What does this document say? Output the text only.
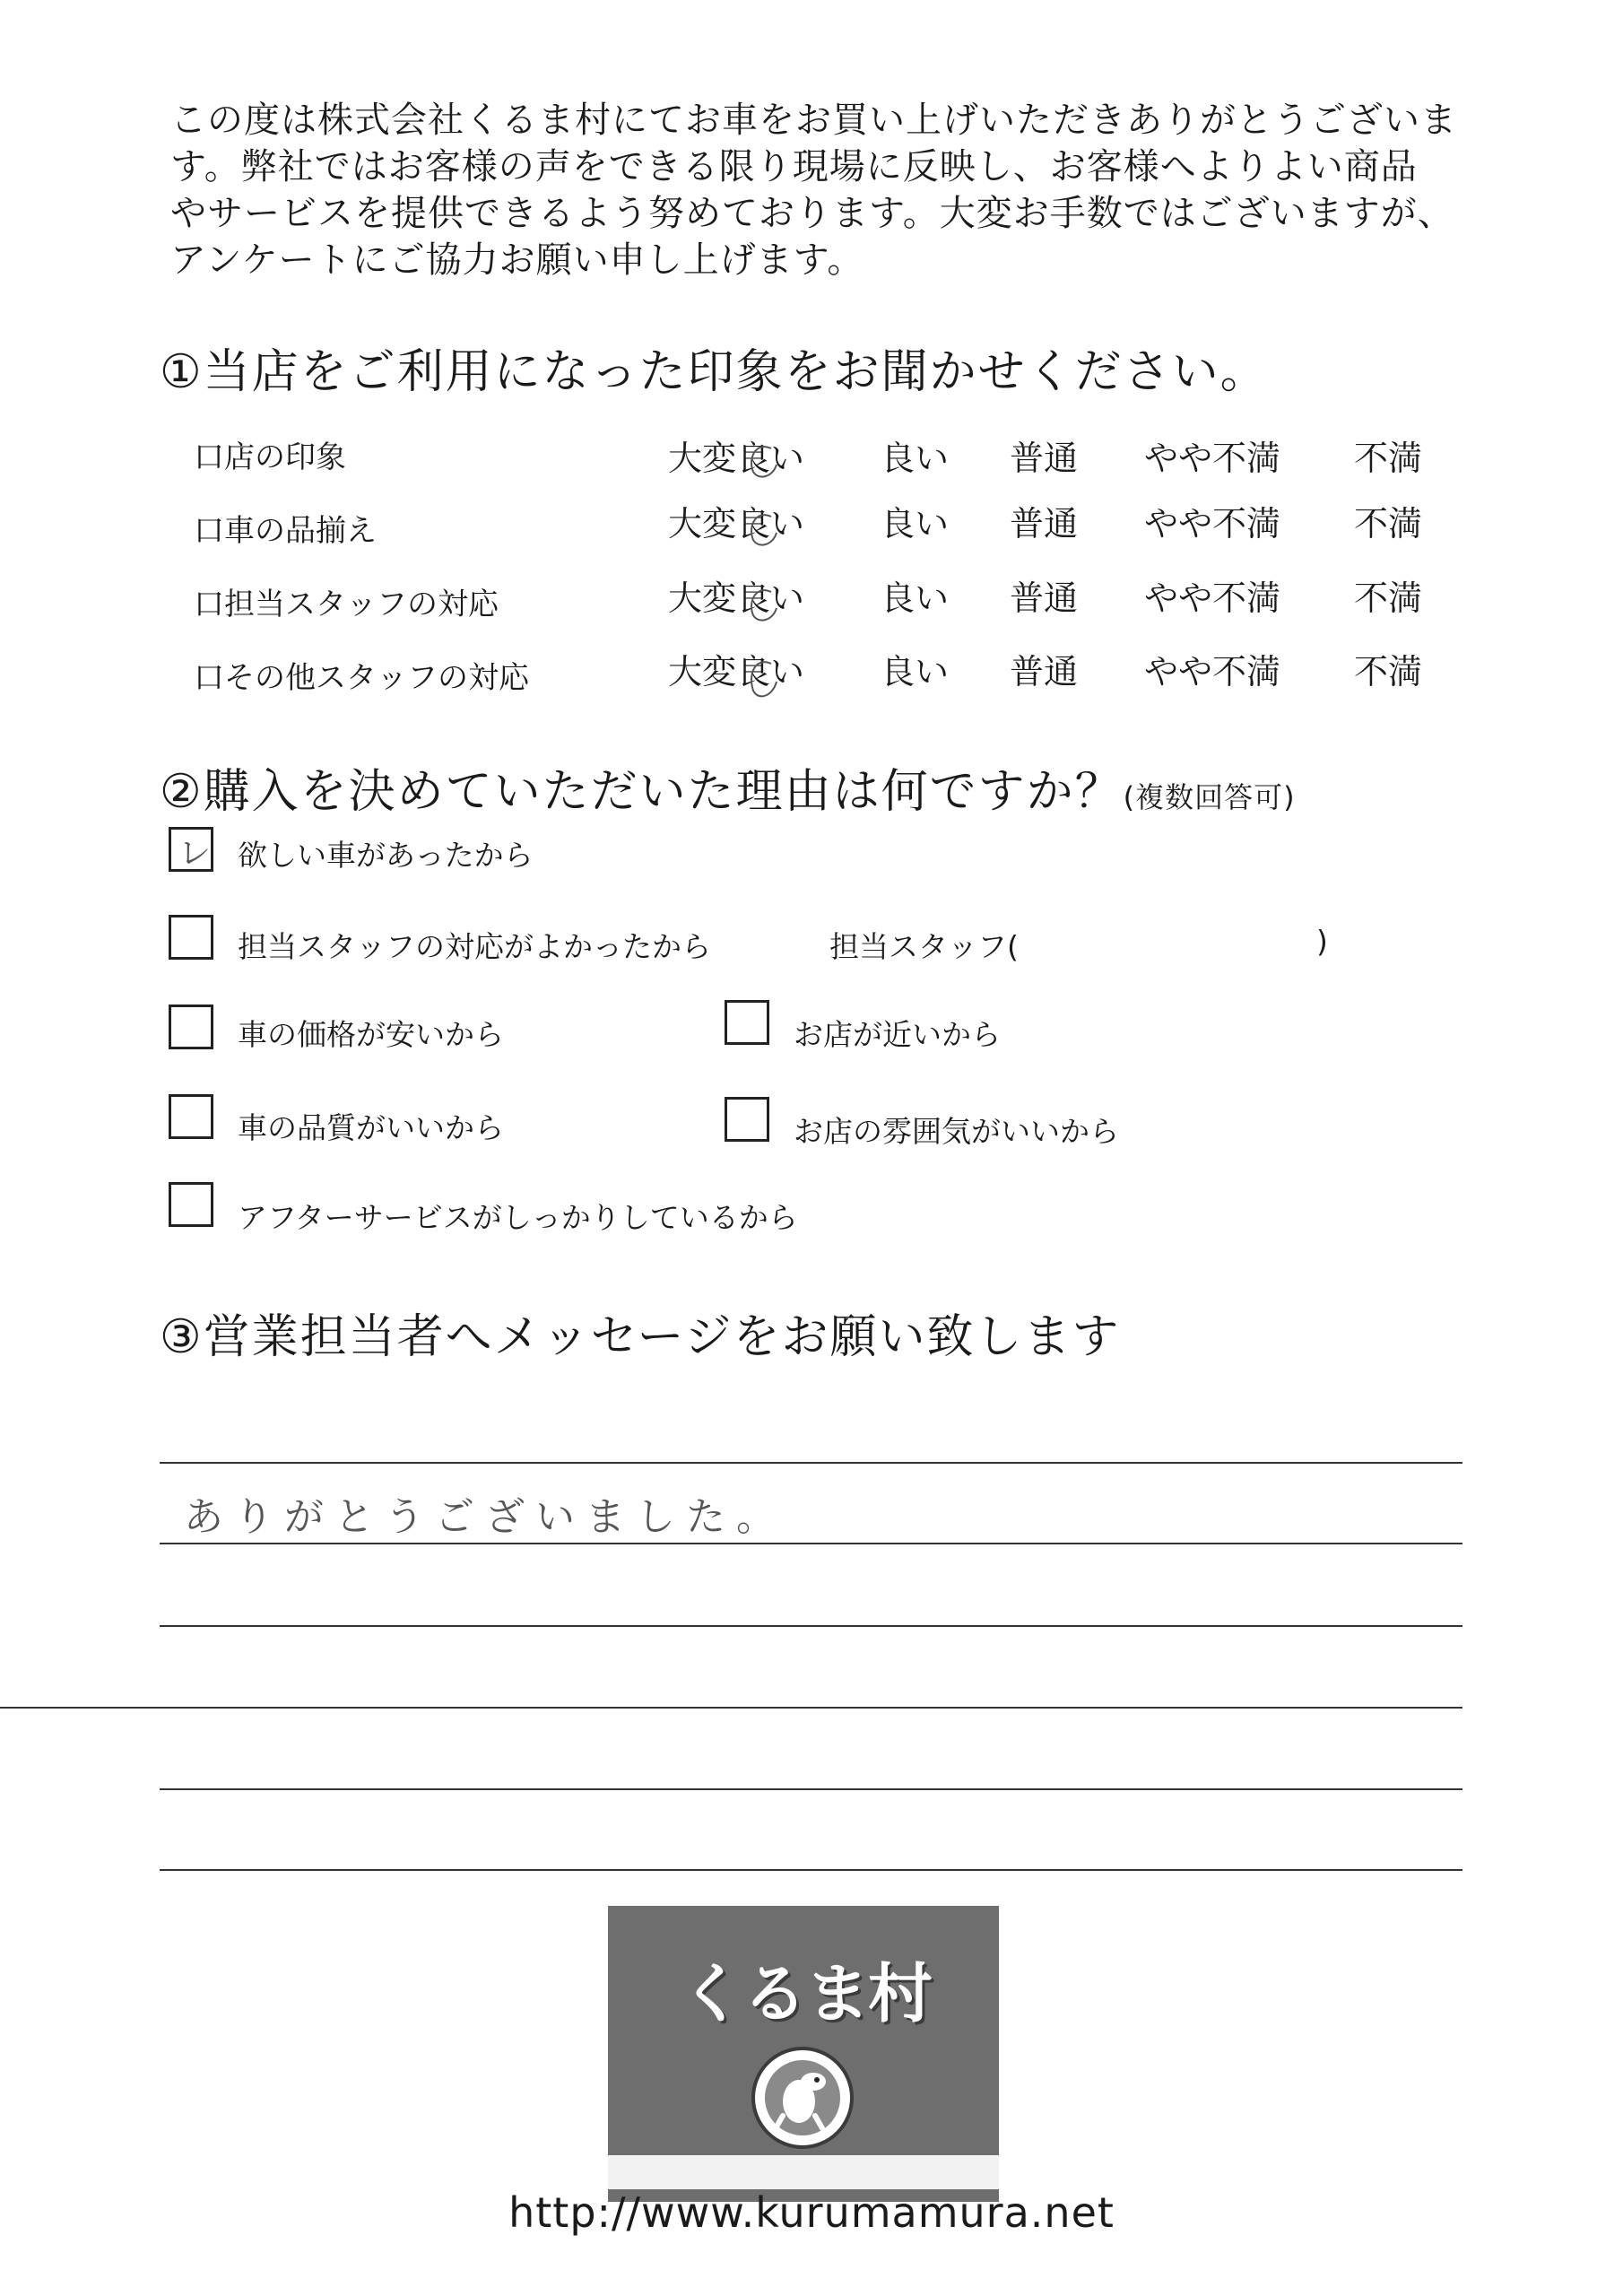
この度は株式会社くるま村にてお車をお買い上げいただきありがとうございま
す。弊社ではお客様の声をできる限り現場に反映し、お客様へよりよい商品
やサービスを提供できるよう努めております。大変お手数ではございますが、
アンケートにご協力お願い申し上げます。
①当店をご利用になった印象をお聞かせください。
口店の印象	大変良い 良い 普通 やや不満 不満
口車の品揃え	大変良い 良い 普通 やや不満 不満
口担当スタッフの対応	大変良い 良い 普通 やや不満 不満
口その他スタッフの対応	大変良い 良い 普通 やや不満 不満
②購入を決めていただいた理由は何ですか？(複数回答可)
レ 欲しい車があったから
担当スタッフの対応がよかったから	担当スタッフ(	)
車の価格が安いから	お店が近いから
車の品質がいいから	お店の雰囲気がいいから
アフターサービスがしっかりしているから
③営業担当者へメッセージをお願い致します
ありがとうございました。
くるま村
http://www.kurumamura.net
